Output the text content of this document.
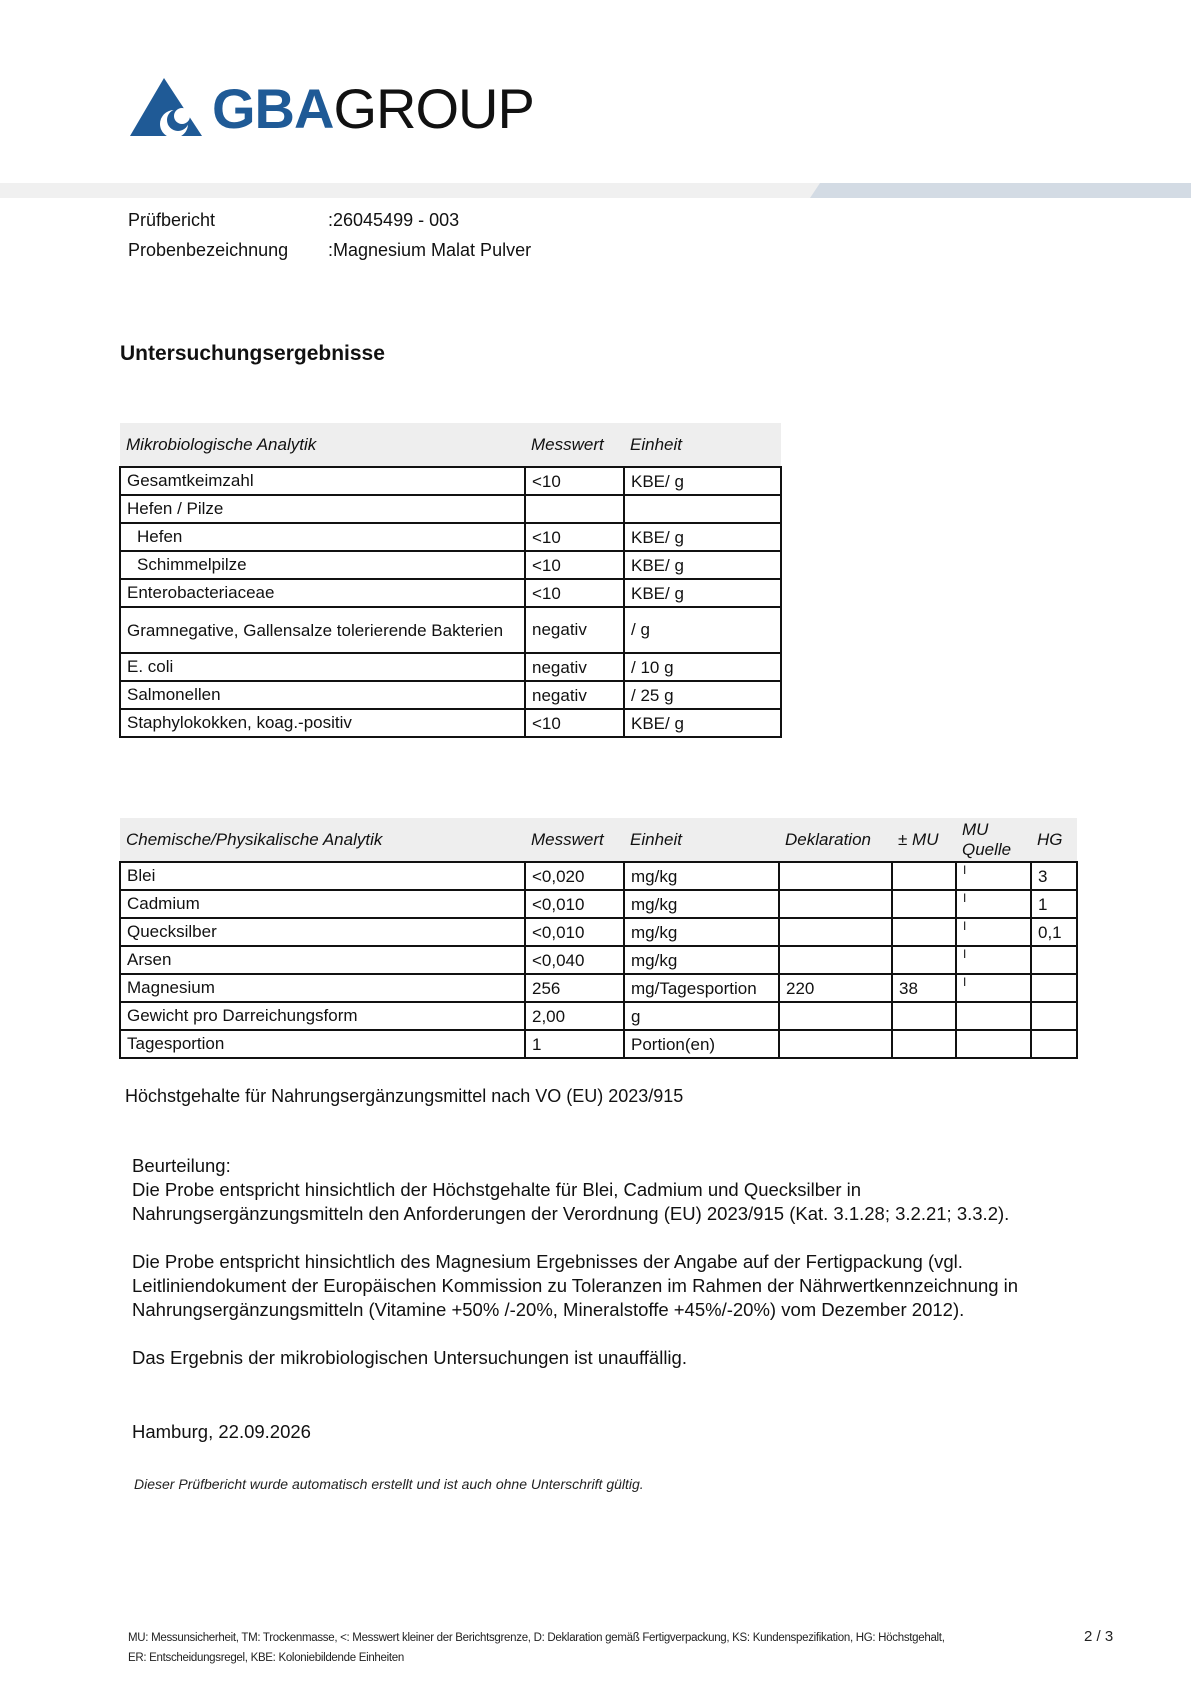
GBAGROUP
Prüfbericht	:26045499 - 003
Probenbezeichnung :Magnesium Malat Pulver
Untersuchungsergebnisse
Mikrobiologische Analytik	Messwert	Einheit
Gesamtkeimzahl	<10	KBE/ g
Hefen / Pilze		
Hefen	<10	KBE/ g
Schimmelpilze	<10	KBE/ g
Enterobacteriaceae	<10	KBE/ g
Gramnegative, Gallensalze tolerierende Bakterien	negativ	/ g
E. coli	negativ	/ 10 g
Salmonellen	negativ	/ 25 g
Staphylokokken, koag.-positiv	<10	KBE/ g
Chemische/Physikalische Analytik	Messwert	Einheit	Deklaration	± MU	MU Quelle	HG
Blei	<0,020	mg/kg			I	3
Cadmium	<0,010	mg/kg			I	1
Quecksilber	<0,010	mg/kg			I	0,1
Arsen	<0,040	mg/kg			I	
Magnesium	256	mg/Tagesportion	220	38	I	
Gewicht pro Darreichungsform	2,00	g				
Tagesportion	1	Portion(en)				
Höchstgehalte für Nahrungsergänzungsmittel nach VO (EU) 2023/915
Beurteilung:
Die Probe entspricht hinsichtlich der Höchstgehalte für Blei, Cadmium und Quecksilber in
Nahrungsergänzungsmitteln den Anforderungen der Verordnung (EU) 2023/915 (Kat. 3.1.28; 3.2.21; 3.3.2).
Die Probe entspricht hinsichtlich des Magnesium Ergebnisses der Angabe auf der Fertigpackung (vgl.
Leitliniendokument der Europäischen Kommission zu Toleranzen im Rahmen der Nährwertkennzeichnung in
Nahrungsergänzungsmitteln (Vitamine +50% /-20%, Mineralstoffe +45%/-20%) vom Dezember 2012).
Das Ergebnis der mikrobiologischen Untersuchungen ist unauffällig.
Hamburg, 22.09.2026
Dieser Prüfbericht wurde automatisch erstellt und ist auch ohne Unterschrift gültig.
MU: Messunsicherheit, TM: Trockenmasse, <: Messwert kleiner der Berichtsgrenze, D: Deklaration gemäß Fertigverpackung, KS: Kundenspezifikation, HG: Höchstgehalt,
ER: Entscheidungsregel, KBE: Koloniebildende Einheiten
2 / 3
